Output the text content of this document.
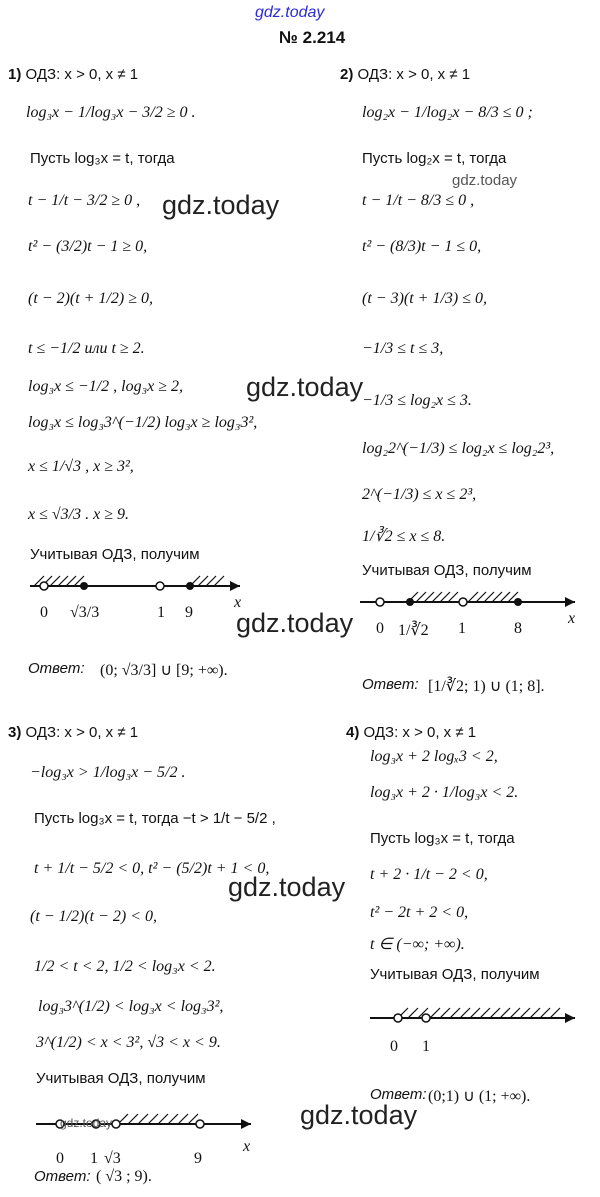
gdz.today
№ 2.214
1) ОДЗ: x > 0, x ≠ 1
log₃x − 1/log₃x − 3/2 ≥ 0 .
Пусть log₃x = t, тогда
t − 1/t − 3/2 ≥ 0 ,
t² − (3/2)t − 1 ≥ 0,
(t − 2)(t + 1/2) ≥ 0,
t ≤ −1/2 или t ≥ 2.
log₃x ≤ −1/2 , log₃x ≥ 2,
log₃x ≤ log₃3^(−1/2) log₃x ≥ log₃3²,
x ≤ 1/√3 , x ≥ 3²,
x ≤ √3/3 . x ≥ 9.
Учитывая ОДЗ, получим
0 √3/3	1 9
x
Ответ: (0; √3/3] ∪ [9; +∞).
2) ОДЗ: x > 0, x ≠ 1
log₂x − 1/log₂x − 8/3 ≤ 0 ;
Пусть log₂x = t, тогда
t − 1/t − 8/3 ≤ 0 ,
t² − (8/3)t − 1 ≤ 0,
(t − 3)(t + 1/3) ≤ 0,
−1/3 ≤ t ≤ 3,
−1/3 ≤ log₂x ≤ 3.
log₂2^(−1/3) ≤ log₂x ≤ log₂2³,
2^(−1/3) ≤ x ≤ 2³,
1/∛2 ≤ x ≤ 8.
Учитывая ОДЗ, получим
0 1/∛2 1	8
x
Ответ: [1/∛2; 1) ∪ (1; 8].
3) ОДЗ: x > 0, x ≠ 1
−log₃x > 1/log₃x − 5/2 .
Пусть log₃x = t, тогда −t > 1/t − 5/2 ,
t + 1/t − 5/2 < 0, t² − (5/2)t + 1 < 0,
(t − 1/2)(t − 2) < 0,
1/2 < t < 2, 1/2 < log₃x < 2.
log₃3^(1/2) < log₃x < log₃3²,
3^(1/2) < x < 3², √3 < x < 9.
Учитывая ОДЗ, получим
0 1 √3	9
x
Ответ: ( √3 ; 9).
4) ОДЗ: x > 0, x ≠ 1
log₃x + 2 logₓ3 < 2,
log₃x + 2 · 1/log₃x < 2.
Пусть log₃x = t, тогда
t + 2 · 1/t − 2 < 0,
t² − 2t + 2 < 0,
t ∈ (−∞; +∞).
Учитывая ОДЗ, получим
0 1
Ответ: (0;1) ∪ (1; +∞).
gdz.today
gdz.today
gdz.today
gdz.today
gdz.today
gdz.today
gdz.today
